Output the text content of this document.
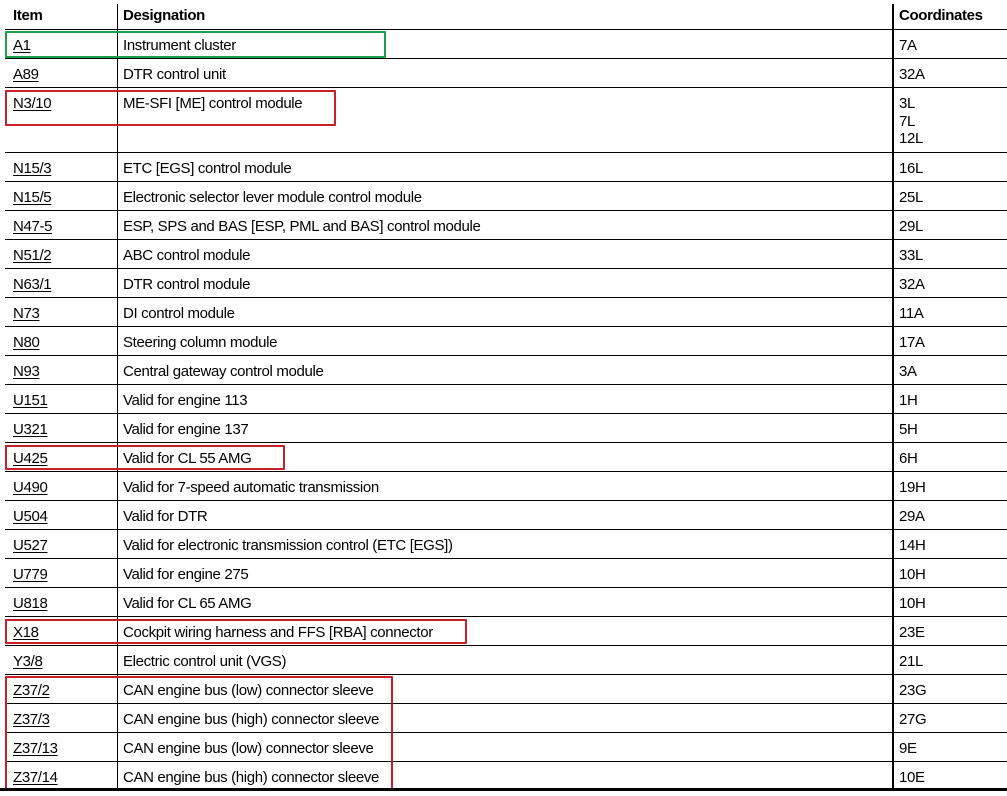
Item	Designation	Coordinates
A1	Instrument cluster	7A
A89	DTR control unit	32A
N3/10	ME-SFI [ME] control module	3L
7L
12L
N15/3	ETC [EGS] control module	16L
N15/5	Electronic selector lever module control module	25L
N47-5	ESP, SPS and BAS [ESP, PML and BAS] control module	29L
N51/2	ABC control module	33L
N63/1	DTR control module	32A
N73	DI control module	11A
N80	Steering column module	17A
N93	Central gateway control module	3A
U151	Valid for engine 113	1H
U321	Valid for engine 137	5H
U425	Valid for CL 55 AMG	6H
U490	Valid for 7-speed automatic transmission	19H
U504	Valid for DTR	29A
U527	Valid for electronic transmission control (ETC [EGS])	14H
U779	Valid for engine 275	10H
U818	Valid for CL 65 AMG	10H
X18	Cockpit wiring harness and FFS [RBA] connector	23E
Y3/8	Electric control unit (VGS)	21L
Z37/2	CAN engine bus (low) connector sleeve	23G
Z37/3	CAN engine bus (high) connector sleeve	27G
Z37/13	CAN engine bus (low) connector sleeve	9E
Z37/14	CAN engine bus (high) connector sleeve	10E
